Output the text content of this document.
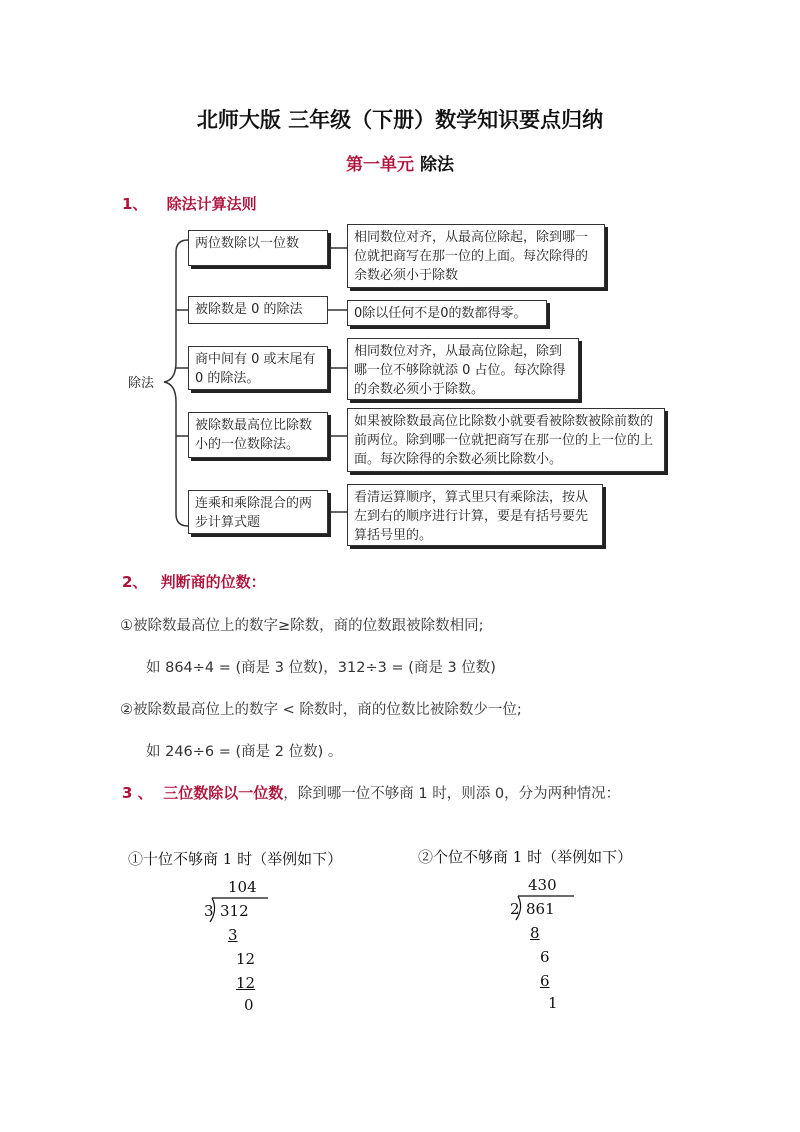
北师大版 三年级（下册）数学知识要点归纳
第一单元 除法
1、 除法计算法则
除法
两位数除以一位数	相同数位对齐，从最高位除起，除到哪一位就把商写在那一位的上面。每次除得的余数必须小于除数
被除数是 0 的除法	0除以任何不是0的数都得零。
商中间有 0 或末尾有 0 的除法。
相同数位对齐，从最高位除起，除到哪一位不够除就添 0 占位。每次除得的余数必须小于除数。
被除数最高位比除数小的一位数除法。
如果被除数最高位比除数小就要看被除数被除前数的前两位。除到哪一位就把商写在那一位的上一位的上面。每次除得的余数必须比除数小。
连乘和乘除混合的两步计算式题
看清运算顺序，算式里只有乘除法，按从左到右的顺序进行计算，要是有括号要先算括号里的。
2、 判断商的位数：
①被除数最高位上的数字≥除数，商的位数跟被除数相同;
如 864÷4 = (商是 3 位数)，312÷3 = (商是 3 位数)
②被除数最高位上的数字 < 除数时，商的位数比被除数少一位;
如 246÷6 = (商是 2 位数) 。
3 、 三位数除以一位数，除到哪一位不够商 1 时，则添 0，分为两种情况：
①十位不够商 1 时（举例如下）
104
3 312
3
12
12
0
②个位不够商 1 时（举例如下）
430
2 861
8
6
6
1
